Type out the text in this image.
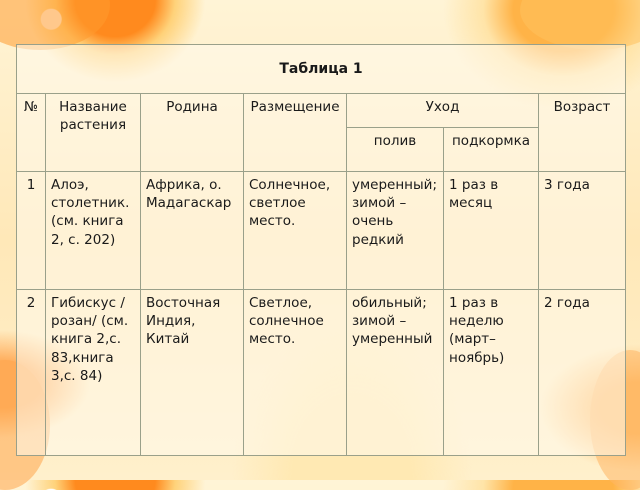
Таблица 1						
№	Название растения	Родина	Размещение	Уход		Возраст
				полив	подкормка	
1	Алоэ, столетник. (см. книга 2, с. 202)	Африка, о. Мадагаскар	Солнечное, светлое место.	умеренный; зимой – очень редкий	1 раз в месяц	3 года
2	Гибискус /розан/ (см. книга 2,с. 83,книга 3,с. 84)	Восточная Индия, Китай	Светлое, солнечное место.	обильный; зимой – умеренный	1 раз в неделю (март– ноябрь)	2 года
